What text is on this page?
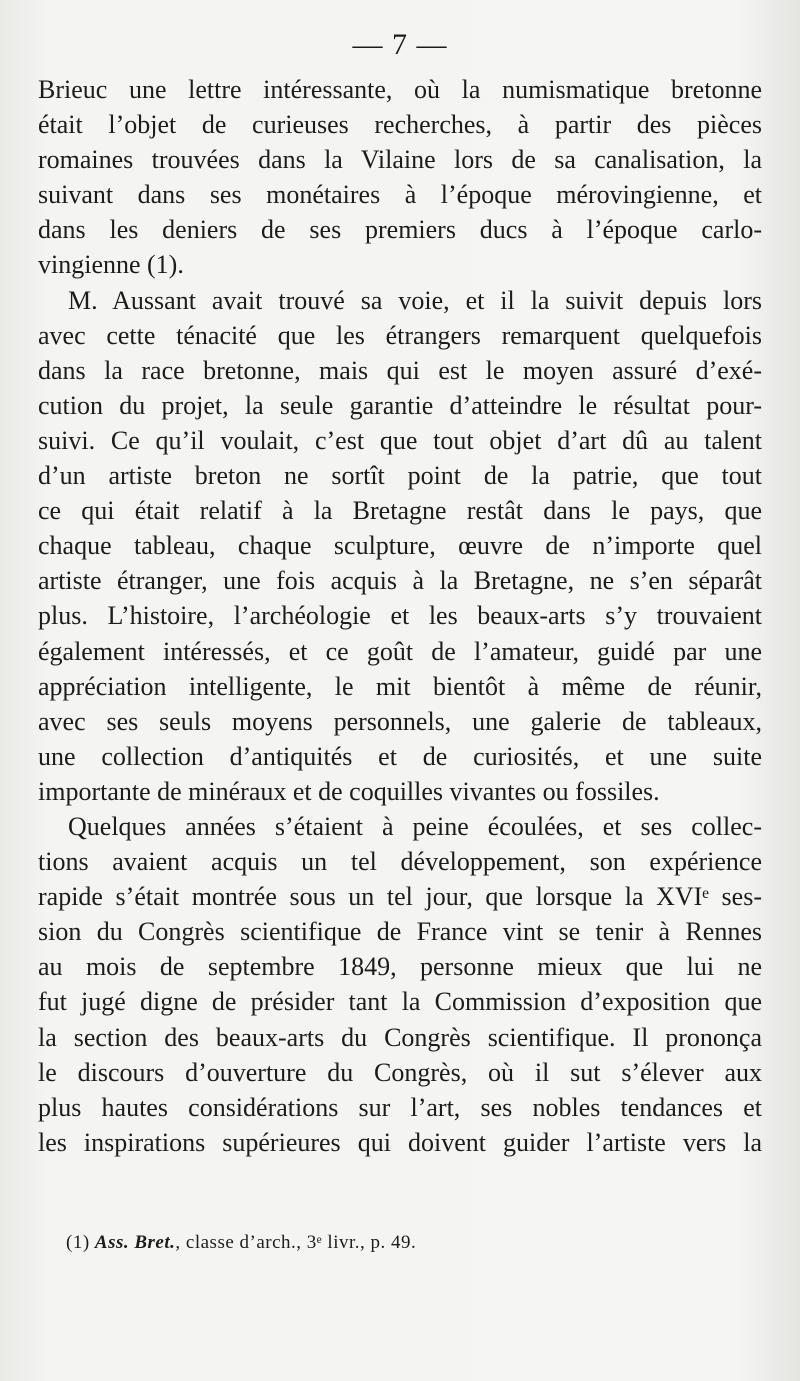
— 7 —
Brieuc une lettre intéressante, où la numismatique bretonne
était l’objet de curieuses recherches, à partir des pièces
romaines trouvées dans la Vilaine lors de sa canalisation, la
suivant dans ses monétaires à l’époque mérovingienne, et
dans les deniers de ses premiers ducs à l’époque carlo-
vingienne (1).
M. Aussant avait trouvé sa voie, et il la suivit depuis lors
avec cette ténacité que les étrangers remarquent quelquefois
dans la race bretonne, mais qui est le moyen assuré d’exé-
cution du projet, la seule garantie d’atteindre le résultat pour-
suivi. Ce qu’il voulait, c’est que tout objet d’art dû au talent
d’un artiste breton ne sortît point de la patrie, que tout
ce qui était relatif à la Bretagne restât dans le pays, que
chaque tableau, chaque sculpture, œuvre de n’importe quel
artiste étranger, une fois acquis à la Bretagne, ne s’en séparât
plus. L’histoire, l’archéologie et les beaux-arts s’y trouvaient
également intéressés, et ce goût de l’amateur, guidé par une
appréciation intelligente, le mit bientôt à même de réunir,
avec ses seuls moyens personnels, une galerie de tableaux,
une collection d’antiquités et de curiosités, et une suite
importante de minéraux et de coquilles vivantes ou fossiles.
Quelques années s’étaient à peine écoulées, et ses collec-
tions avaient acquis un tel développement, son expérience
rapide s’était montrée sous un tel jour, que lorsque la XVIᵉ ses-
sion du Congrès scientifique de France vint se tenir à Rennes
au mois de septembre 1849, personne mieux que lui ne
fut jugé digne de présider tant la Commission d’exposition que
la section des beaux-arts du Congrès scientifique. Il prononça
le discours d’ouverture du Congrès, où il sut s’élever aux
plus hautes considérations sur l’art, ses nobles tendances et
les inspirations supérieures qui doivent guider l’artiste vers la
(1) Ass. Bret., classe d’arch., 3ᵉ livr., p. 49.
